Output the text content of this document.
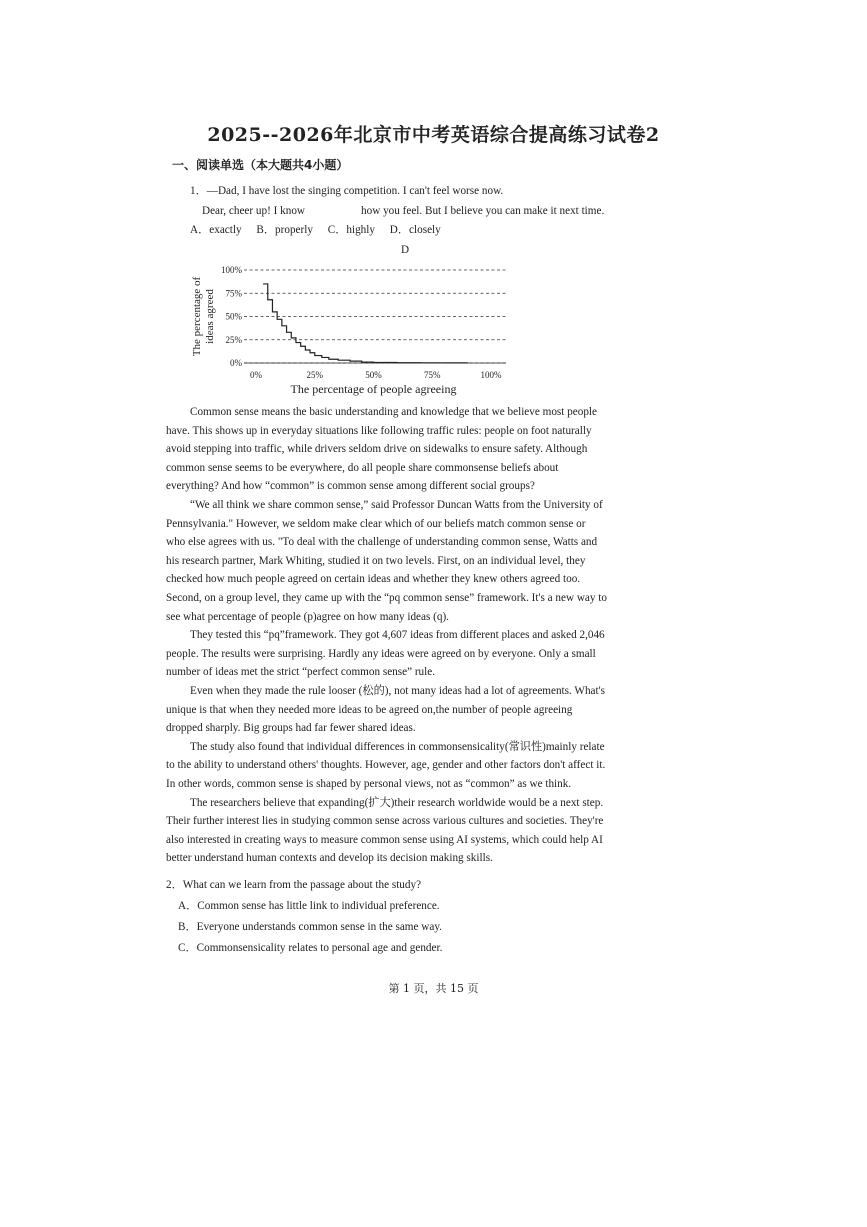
2025--2026年北京市中考英语综合提高练习试卷2
一、阅读单选（本大题共4小题）
1．—Dad, I have lost the singing competition. I can't feel worse now.
Dear, cheer up! I know	how you feel. But I believe you can make it next time.
A．exactly B．properly C．highly D．closely
D
0%
25%
50%
75%
100%
0%	25%	50%	75%	100%
The percentage ofideas agreed
The percentage of people agreeing
Common sense means the basic understanding and knowledge that we believe most people
have. This shows up in everyday situations like following traffic rules: people on foot naturally
avoid stepping into traffic, while drivers seldom drive on sidewalks to ensure safety. Although
common sense seems to be everywhere, do all people share commonsense beliefs about
everything? And how “common” is common sense among different social groups?
“We all think we share common sense,” said Professor Duncan Watts from the University of
Pennsylvania." However, we seldom make clear which of our beliefs match common sense or
who else agrees with us. "To deal with the challenge of understanding common sense, Watts and
his research partner, Mark Whiting, studied it on two levels. First, on an individual level, they
checked how much people agreed on certain ideas and whether they knew others agreed too.
Second, on a group level, they came up with the “pq common sense” framework. It's a new way to
see what percentage of people (p)agree on how many ideas (q).
They tested this “pq”framework. They got 4,607 ideas from different places and asked 2,046
people. The results were surprising. Hardly any ideas were agreed on by everyone. Only a small
number of ideas met the strict “perfect common sense” rule.
Even when they made the rule looser (松的), not many ideas had a lot of agreements. What's
unique is that when they needed more ideas to be agreed on,the number of people agreeing
dropped sharply. Big groups had far fewer shared ideas.
The study also found that individual differences in commonsensicality(常识性)mainly relate
to the ability to understand others' thoughts. However, age, gender and other factors don't affect it.
In other words, common sense is shaped by personal views, not as “common” as we think.
The researchers believe that expanding(扩大)their research worldwide would be a next step.
Their further interest lies in studying common sense across various cultures and societies. They're
also interested in creating ways to measure common sense using AI systems, which could help AI
better understand human contexts and develop its decision making skills.
2．What can we learn from the passage about the study?
A．Common sense has little link to individual preference.
B．Everyone understands common sense in the same way.
C．Commonsensicality relates to personal age and gender.
第 1 页，共 15 页
